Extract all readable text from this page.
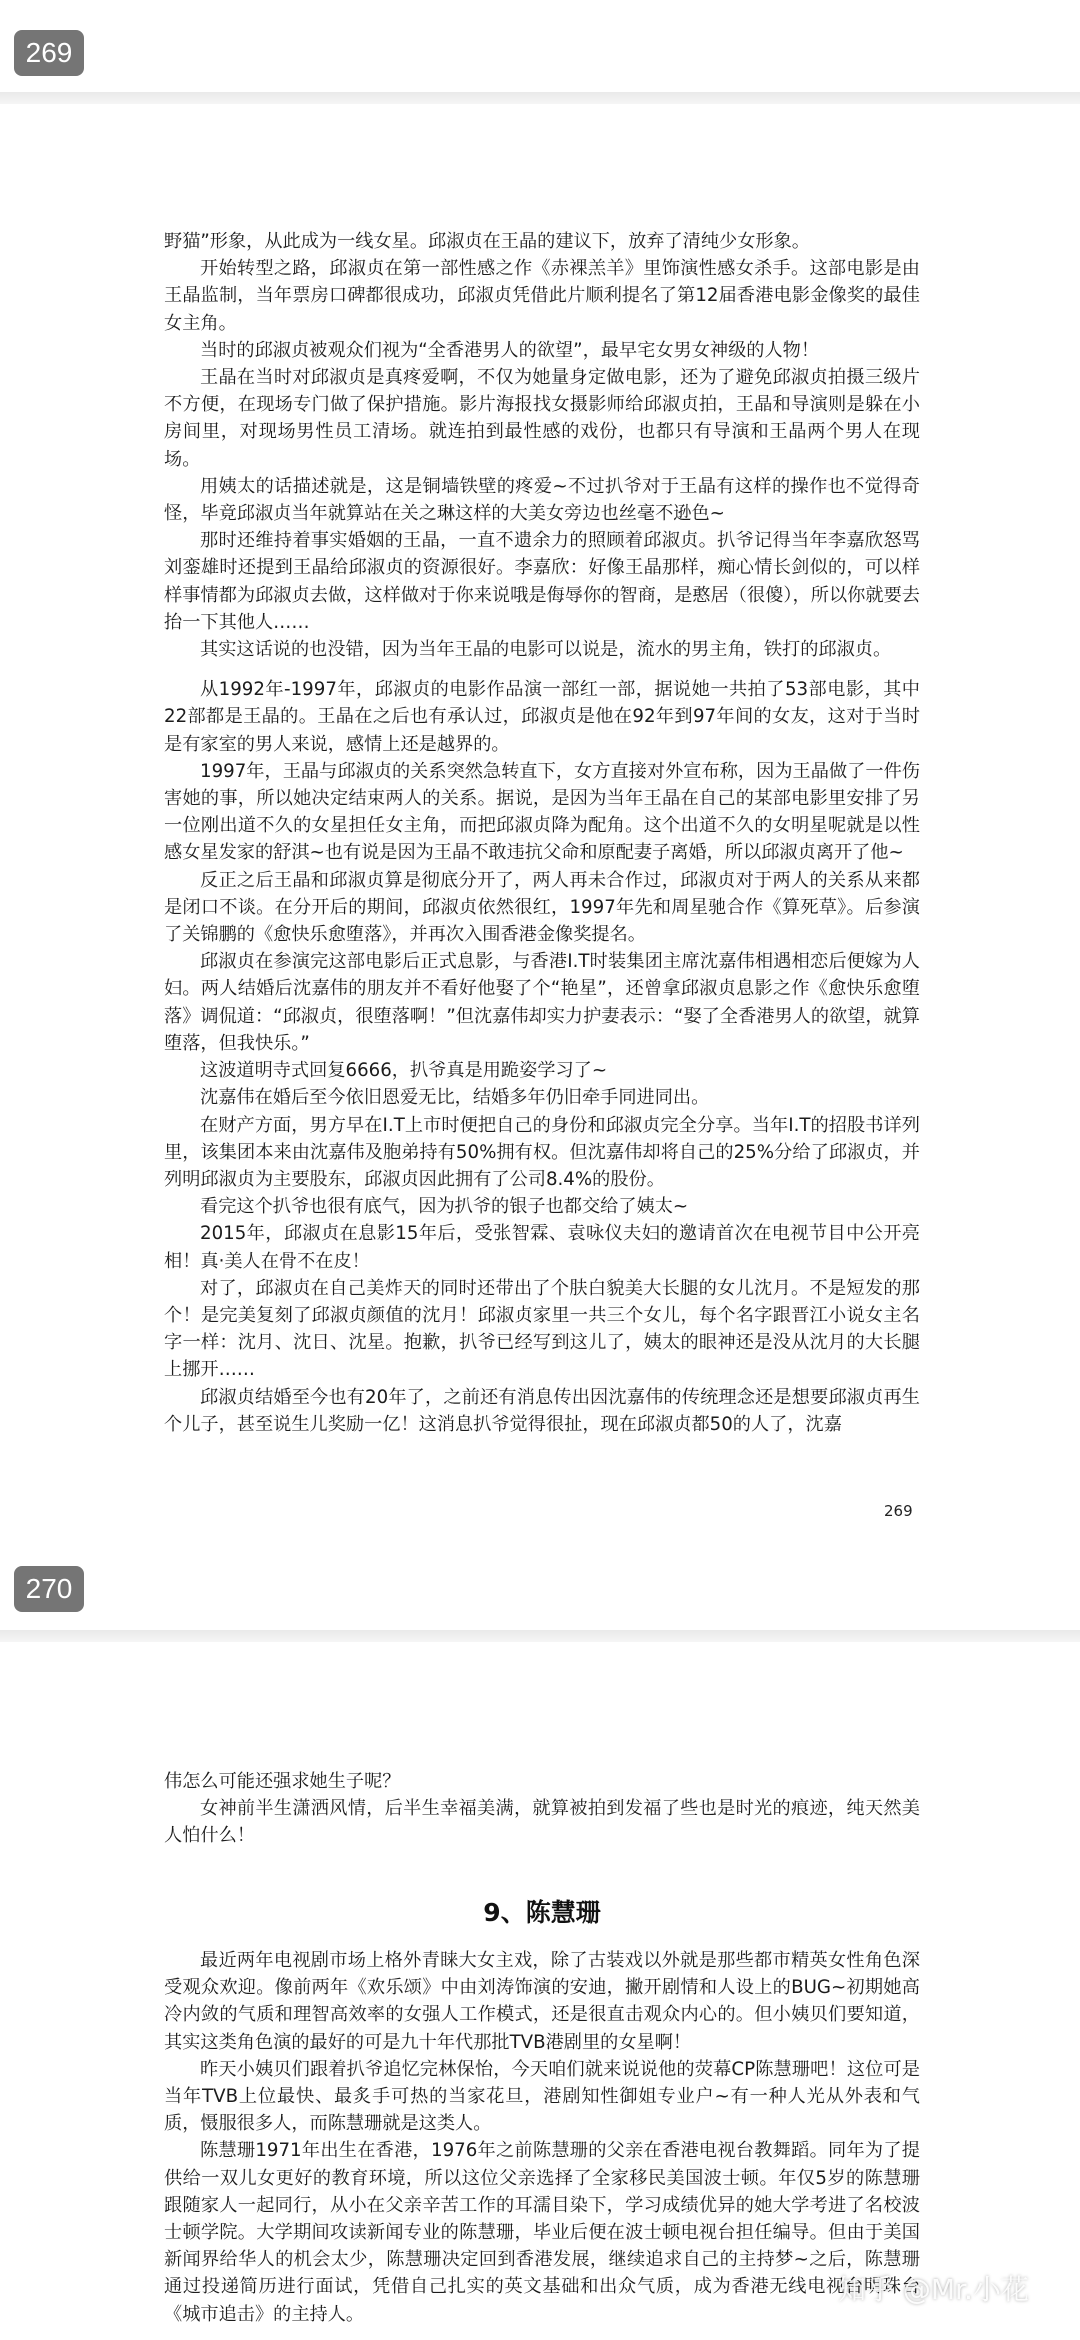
269

野猫”形象，从此成为一线女星。邱淑贞在王晶的建议下，放弃了清纯少女形象。

开始转型之路，邱淑贞在第一部性感之作《赤裸羔羊》里饰演性感女杀手。这部电影是由王晶监制，当年票房口碑都很成功，邱淑贞凭借此片顺利提名了第12届香港电影金像奖的最佳女主角。

当时的邱淑贞被观众们视为“全香港男人的欲望”，最早宅女男女神级的人物！

王晶在当时对邱淑贞是真疼爱啊，不仅为她量身定做电影，还为了避免邱淑贞拍摄三级片不方便，在现场专门做了保护措施。影片海报找女摄影师给邱淑贞拍，王晶和导演则是躲在小房间里，对现场男性员工清场。就连拍到最性感的戏份，也都只有导演和王晶两个男人在现场。

用姨太的话描述就是，这是铜墙铁壁的疼爱~不过扒爷对于王晶有这样的操作也不觉得奇怪，毕竟邱淑贞当年就算站在关之琳这样的大美女旁边也丝毫不逊色~

那时还维持着事实婚姻的王晶，一直不遗余力的照顾着邱淑贞。扒爷记得当年李嘉欣怒骂刘銮雄时还提到王晶给邱淑贞的资源很好。李嘉欣：好像王晶那样，痴心情长剑似的，可以样样事情都为邱淑贞去做，这样做对于你来说哦是侮辱你的智商，是憨居（很傻），所以你就要去抬一下其他人……

其实这话说的也没错，因为当年王晶的电影可以说是，流水的男主角，铁打的邱淑贞。

从1992年-1997年，邱淑贞的电影作品演一部红一部，据说她一共拍了53部电影，其中22部都是王晶的。王晶在之后也有承认过，邱淑贞是他在92年到97年间的女友，这对于当时是有家室的男人来说，感情上还是越界的。

1997年，王晶与邱淑贞的关系突然急转直下，女方直接对外宣布称，因为王晶做了一件伤害她的事，所以她决定结束两人的关系。据说，是因为当年王晶在自己的某部电影里安排了另一位刚出道不久的女星担任女主角，而把邱淑贞降为配角。这个出道不久的女明星呢就是以性感女星发家的舒淇~也有说是因为王晶不敢违抗父命和原配妻子离婚，所以邱淑贞离开了他~

反正之后王晶和邱淑贞算是彻底分开了，两人再未合作过，邱淑贞对于两人的关系从来都是闭口不谈。在分开后的期间，邱淑贞依然很红，1997年先和周星驰合作《算死草》。后参演了关锦鹏的《愈快乐愈堕落》，并再次入围香港金像奖提名。

邱淑贞在参演完这部电影后正式息影，与香港I.T时装集团主席沈嘉伟相遇相恋后便嫁为人妇。两人结婚后沈嘉伟的朋友并不看好他娶了个“艳星”，还曾拿邱淑贞息影之作《愈快乐愈堕落》调侃道：“邱淑贞，很堕落啊！”但沈嘉伟却实力护妻表示：“娶了全香港男人的欲望，就算堕落，但我快乐。”

这波道明寺式回复6666，扒爷真是用跪姿学习了~

沈嘉伟在婚后至今依旧恩爱无比，结婚多年仍旧牵手同进同出。

在财产方面，男方早在I.T上市时便把自己的身份和邱淑贞完全分享。当年I.T的招股书详列里，该集团本来由沈嘉伟及胞弟持有50%拥有权。但沈嘉伟却将自己的25%分给了邱淑贞，并列明邱淑贞为主要股东，邱淑贞因此拥有了公司8.4%的股份。

看完这个扒爷也很有底气，因为扒爷的银子也都交给了姨太~

2015年，邱淑贞在息影15年后，受张智霖、袁咏仪夫妇的邀请首次在电视节目中公开亮相！真·美人在骨不在皮！

对了，邱淑贞在自己美炸天的同时还带出了个肤白貌美大长腿的女儿沈月。不是短发的那个！是完美复刻了邱淑贞颜值的沈月！邱淑贞家里一共三个女儿，每个名字跟晋江小说女主名字一样：沈月、沈日、沈星。抱歉，扒爷已经写到这儿了，姨太的眼神还是没从沈月的大长腿上挪开……

邱淑贞结婚至今也有20年了，之前还有消息传出因沈嘉伟的传统理念还是想要邱淑贞再生个儿子，甚至说生儿奖励一亿！这消息扒爷觉得很扯，现在邱淑贞都50的人了，沈嘉

269
270

伟怎么可能还强求她生子呢？

女神前半生潇洒风情，后半生幸福美满，就算被拍到发福了些也是时光的痕迹，纯天然美人怕什么！

9、陈慧珊

最近两年电视剧市场上格外青睐大女主戏，除了古装戏以外就是那些都市精英女性角色深受观众欢迎。像前两年《欢乐颂》中由刘涛饰演的安迪，撇开剧情和人设上的BUG~初期她高冷内敛的气质和理智高效率的女强人工作模式，还是很直击观众内心的。但小姨贝们要知道，其实这类角色演的最好的可是九十年代那批TVB港剧里的女星啊！

昨天小姨贝们跟着扒爷追忆完林保怡，今天咱们就来说说他的荧幕CP陈慧珊吧！这位可是当年TVB上位最快、最炙手可热的当家花旦，港剧知性御姐专业户~有一种人光从外表和气质，慑服很多人，而陈慧珊就是这类人。

陈慧珊1971年出生在香港，1976年之前陈慧珊的父亲在香港电视台教舞蹈。同年为了提供给一双儿女更好的教育环境，所以这位父亲选择了全家移民美国波士顿。年仅5岁的陈慧珊跟随家人一起同行，从小在父亲辛苦工作的耳濡目染下，学习成绩优异的她大学考进了名校波士顿学院。大学期间攻读新闻专业的陈慧珊，毕业后便在波士顿电视台担任编导。但由于美国新闻界给华人的机会太少，陈慧珊决定回到香港发展，继续追求自己的主持梦~之后，陈慧珊通过投递简历进行面试，凭借自己扎实的英文基础和出众气质，成为香港无线电视台明珠台《城市追击》的主持人。

知乎 @Mr.小花
